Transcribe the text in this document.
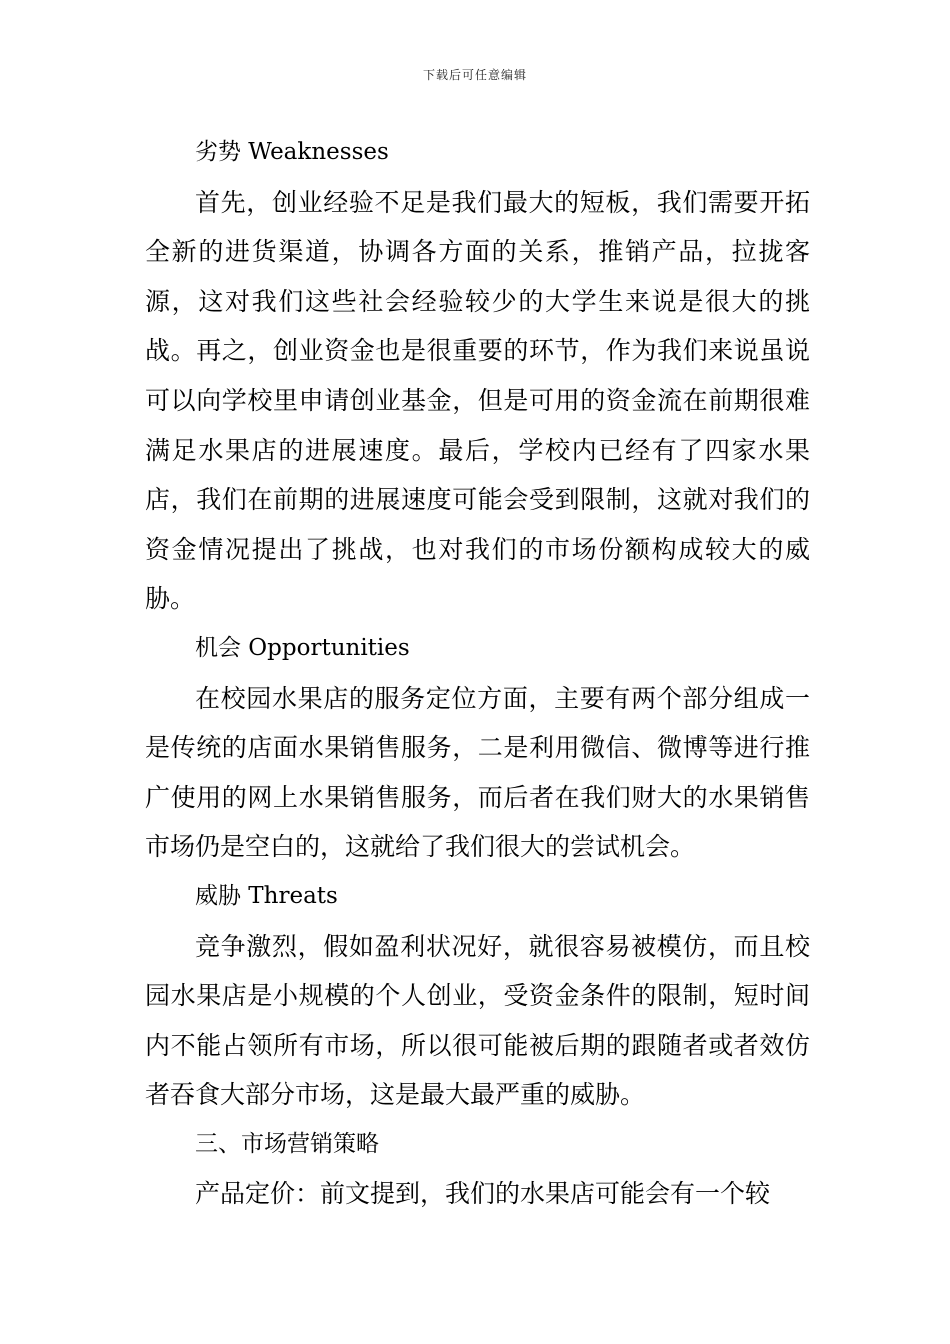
下载后可任意编辑

劣势 Weaknesses

首先，创业经验不足是我们最大的短板，我们需要开拓全新的进货渠道，协调各方面的关系，推销产品，拉拢客源，这对我们这些社会经验较少的大学生来说是很大的挑战。再之，创业资金也是很重要的环节，作为我们来说虽说可以向学校里申请创业基金，但是可用的资金流在前期很难满足水果店的进展速度。最后，学校内已经有了四家水果店，我们在前期的进展速度可能会受到限制，这就对我们的资金情况提出了挑战，也对我们的市场份额构成较大的威胁。

机会 Opportunities

在校园水果店的服务定位方面，主要有两个部分组成一是传统的店面水果销售服务，二是利用微信、微博等进行推广使用的网上水果销售服务，而后者在我们财大的水果销售市场仍是空白的，这就给了我们很大的尝试机会。

威胁 Threats

竞争激烈，假如盈利状况好，就很容易被模仿，而且校园水果店是小规模的个人创业，受资金条件的限制，短时间内不能占领所有市场，所以很可能被后期的跟随者或者效仿者吞食大部分市场，这是最大最严重的威胁。

三、市场营销策略

产品定价：前文提到，我们的水果店可能会有一个较
